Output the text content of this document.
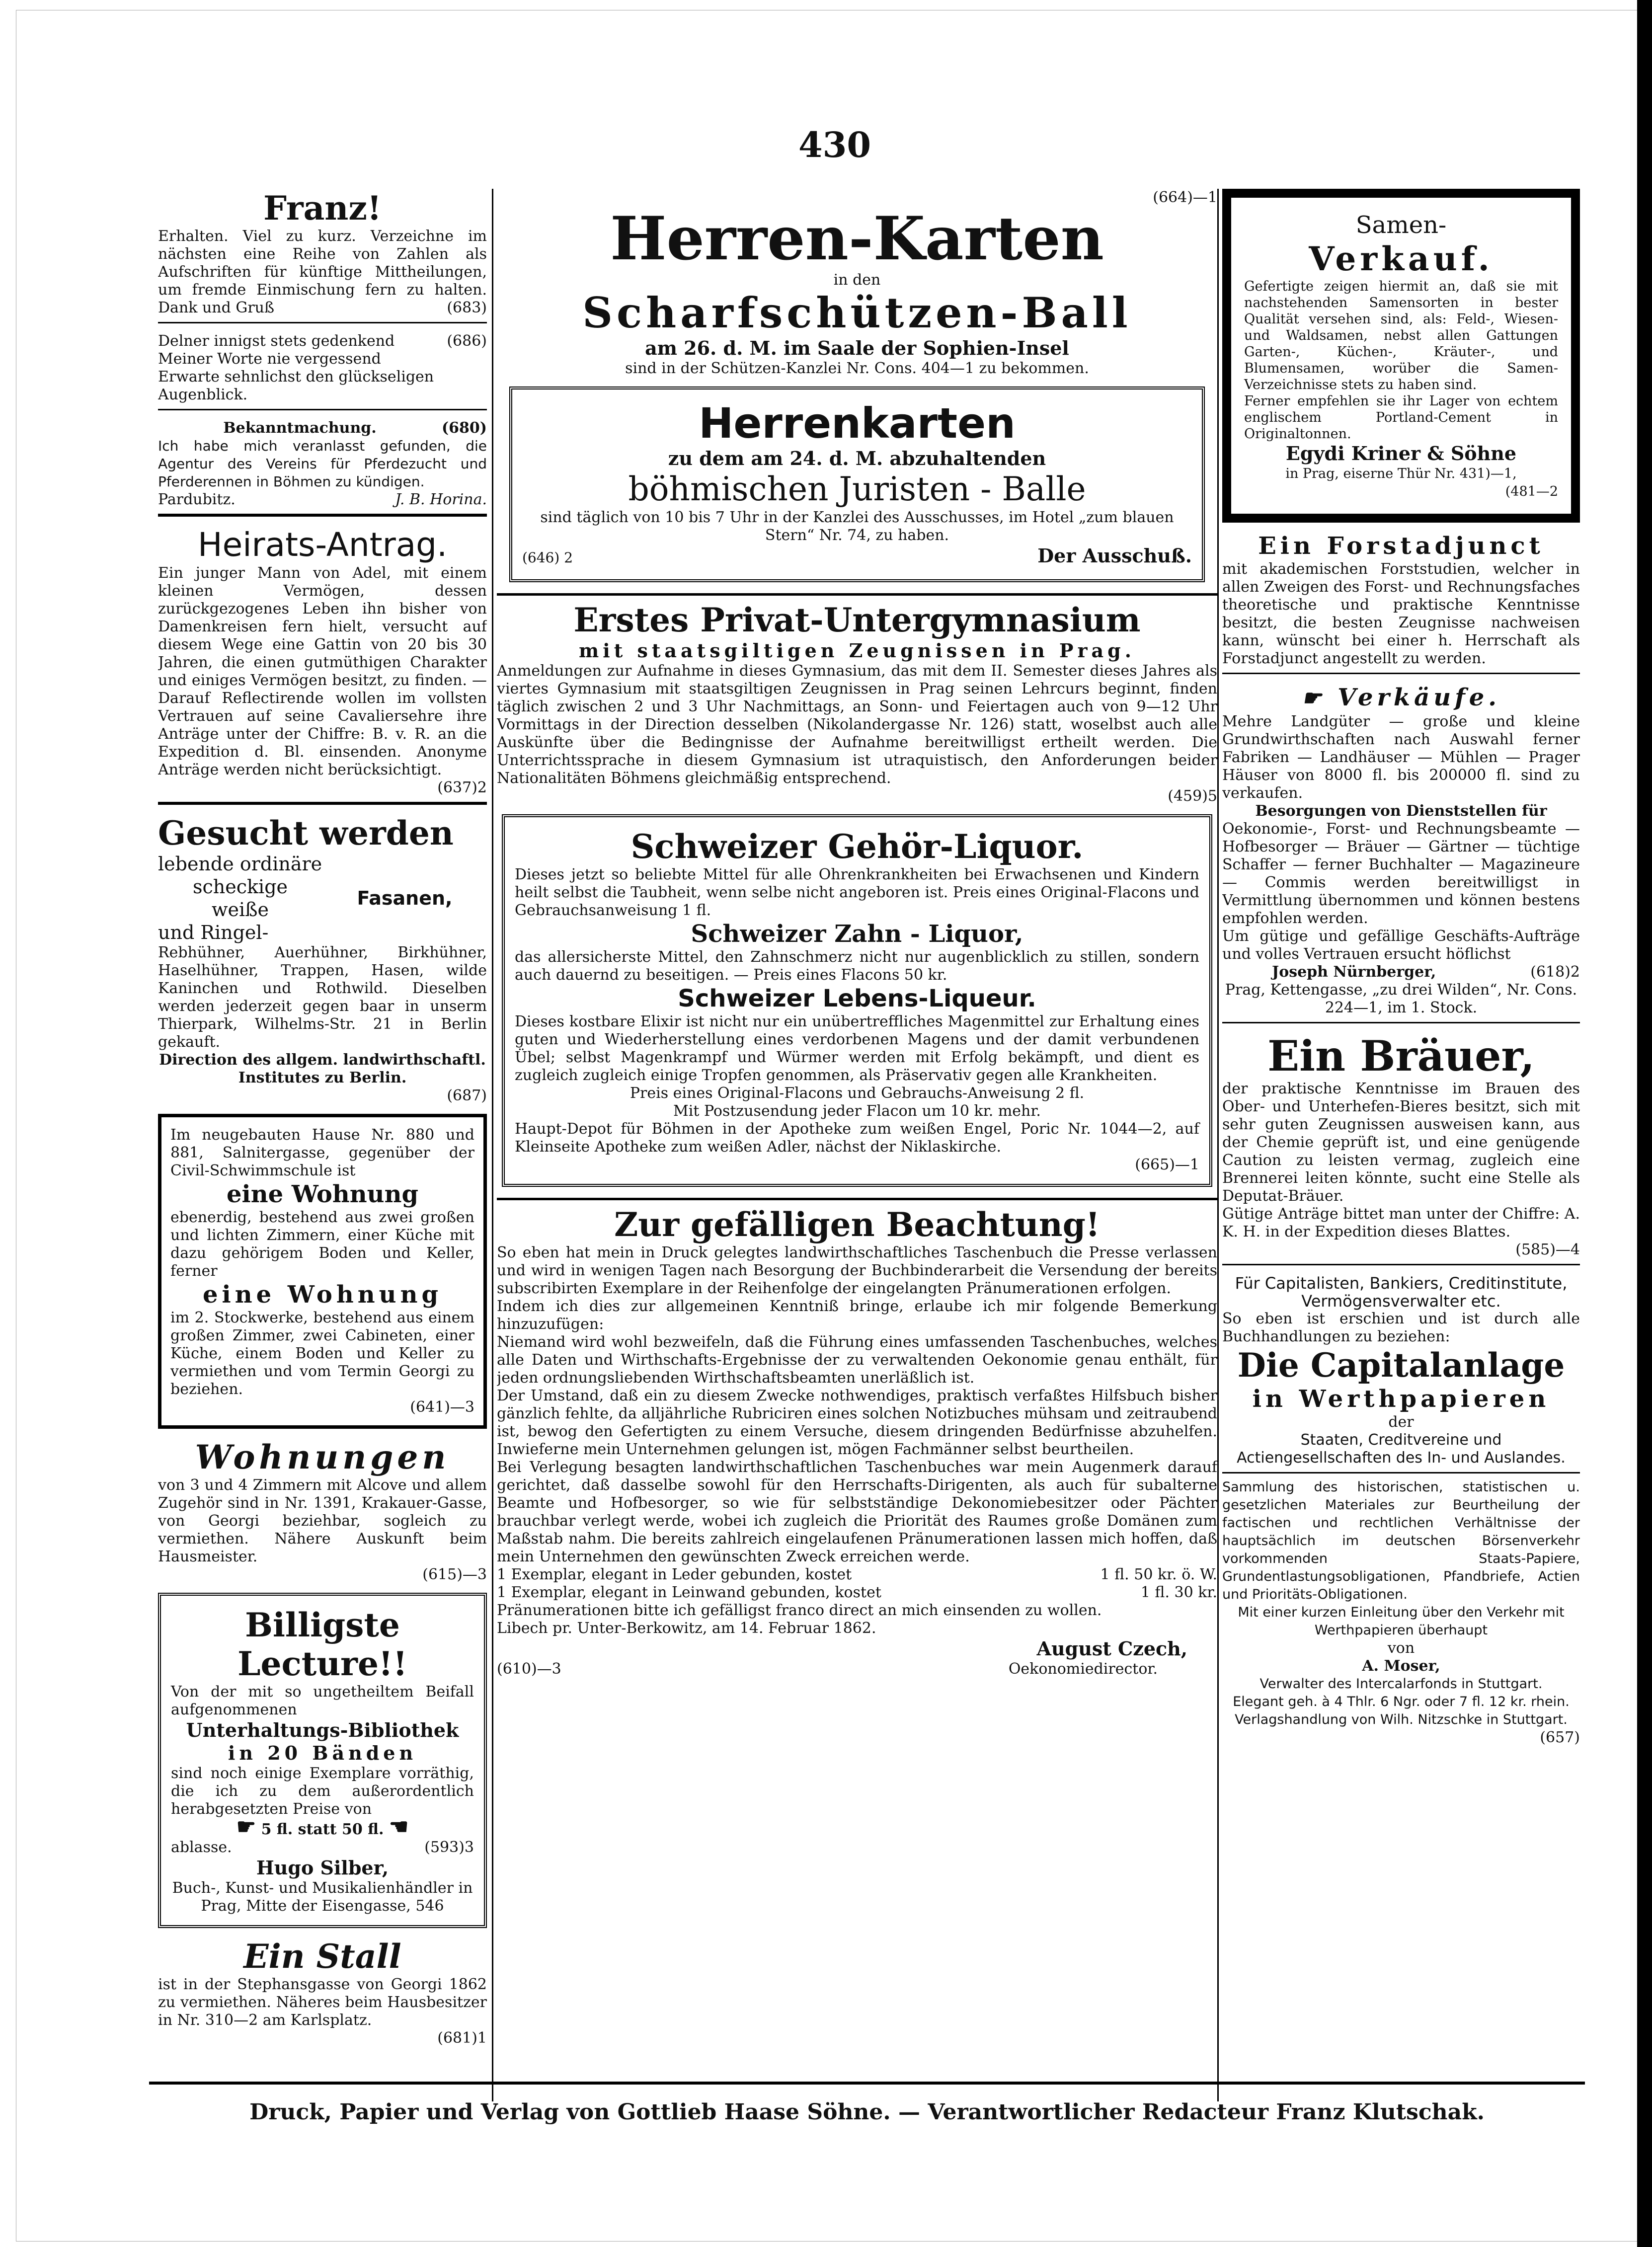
430

Franz!

Erhalten. Viel zu kurz. Verzeichne im nächsten eine Reihe von Zahlen als Aufschriften für künftige Mittheilungen, um fremde Einmischung fern zu halten. Dank und Gruß	(683)

Delner innigst stets gedenkend	(686)

Meiner Worte nie vergessend

Erwarte sehnlichst den glückseligen Augenblick.

Bekanntmachung.	(680)

Ich habe mich veranlasst gefunden, die Agentur des Vereins für Pferdezucht und Pferderennen in Böhmen zu kündigen.

Pardubitz.	J. B. Horina.

Heirats-Antrag.

Ein junger Mann von Adel, mit einem kleinen Vermögen, dessen zurückgezogenes Leben ihn bisher von Damenkreisen fern hielt, versucht auf diesem Wege eine Gattin von 20 bis 30 Jahren, die einen gutmüthigen Charakter und einiges Vermögen besitzt, zu finden. — Darauf Reflectirende wollen im vollsten Vertrauen auf seine Cavaliersehre ihre Anträge unter der Chiffre: B. v. R. an die Expedition d. Bl. einsenden. Anonyme Anträge werden nicht berücksichtigt.

(637)2

Gesucht werden

lebende ordinäre

scheckige

weiße

und Ringel-

Fasanen,

Rebhühner, Auerhühner, Birkhühner, Haselhühner, Trappen, Hasen, wilde Kaninchen und Rothwild. Dieselben werden jederzeit gegen baar in unserm Thierpark, Wilhelms-Str. 21 in Berlin gekauft.

Direction des allgem. landwirthschaftl. Institutes zu Berlin.

(687)

Im neugebauten Hause Nr. 880 und 881, Salnitergasse, gegenüber der Civil-Schwimmschule ist

eine Wohnung

ebenerdig, bestehend aus zwei großen und lichten Zimmern, einer Küche mit dazu gehörigem Boden und Keller, ferner

eine Wohnung

im 2. Stockwerke, bestehend aus einem großen Zimmer, zwei Cabineten, einer Küche, einem Boden und Keller zu vermiethen und vom Termin Georgi zu beziehen.

(641)—3

Wohnungen

von 3 und 4 Zimmern mit Alcove und allem Zugehör sind in Nr. 1391, Krakauer-Gasse, von Georgi beziehbar, sogleich zu vermiethen. Nähere Auskunft beim Hausmeister.

(615)—3

Billigste Lecture!!

Von der mit so ungetheiltem Beifall aufgenommenen

Unterhaltungs-Bibliothek

in 20 Bänden

sind noch einige Exemplare vorräthig, die ich zu dem außerordentlich herabgesetzten Preise von

☛ 5 fl. statt 50 fl. ☚

ablasse.	(593)3

Hugo Silber,

Buch-, Kunst- und Musikalienhändler in Prag, Mitte der Eisengasse, 546

Ein Stall

ist in der Stephansgasse von Georgi 1862 zu vermiethen. Näheres beim Hausbesitzer in Nr. 310—2 am Karlsplatz.

(681)1

(664)—1

Herren-Karten

in den

Scharfschützen-Ball

am 26. d. M. im Saale der Sophien-Insel

sind in der Schützen-Kanzlei Nr. Cons. 404—1 zu bekommen.

Herrenkarten

zu dem am 24. d. M. abzuhaltenden

böhmischen Juristen - Balle

sind täglich von 10 bis 7 Uhr in der Kanzlei des Ausschusses, im Hotel „zum blauen Stern“ Nr. 74, zu haben.

(646) 2	Der Ausschuß.

Erstes Privat-Untergymnasium

mit staatsgiltigen Zeugnissen in Prag.

Anmeldungen zur Aufnahme in dieses Gymnasium, das mit dem II. Semester dieses Jahres als viertes Gymnasium mit staatsgiltigen Zeugnissen in Prag seinen Lehrcurs beginnt, finden täglich zwischen 2 und 3 Uhr Nachmittags, an Sonn- und Feiertagen auch von 9—12 Uhr Vormittags in der Direction desselben (Nikolandergasse Nr. 126) statt, woselbst auch alle Auskünfte über die Bedingnisse der Aufnahme bereitwilligst ertheilt werden. Die Unterrichtssprache in diesem Gymnasium ist utraquistisch, den Anforderungen beider Nationalitäten Böhmens gleichmäßig entsprechend.

(459)5

Schweizer Gehör-Liquor.

Dieses jetzt so beliebte Mittel für alle Ohrenkrankheiten bei Erwachsenen und Kindern heilt selbst die Taubheit, wenn selbe nicht angeboren ist. Preis eines Original-Flacons und Gebrauchsanweisung 1 fl.

Schweizer Zahn - Liquor,

das allersicherste Mittel, den Zahnschmerz nicht nur augenblicklich zu stillen, sondern auch dauernd zu beseitigen. — Preis eines Flacons 50 kr.

Schweizer Lebens-Liqueur.

Dieses kostbare Elixir ist nicht nur ein unübertreffliches Magenmittel zur Erhaltung eines guten und Wiederherstellung eines verdorbenen Magens und der damit verbundenen Übel; selbst Magenkrampf und Würmer werden mit Erfolg bekämpft, und dient es zugleich zugleich einige Tropfen genommen, als Präservativ gegen alle Krankheiten.

Preis eines Original-Flacons und Gebrauchs-Anweisung 2 fl.

Mit Postzusendung jeder Flacon um 10 kr. mehr.

Haupt-Depot für Böhmen in der Apotheke zum weißen Engel, Poric Nr. 1044—2, auf Kleinseite Apotheke zum weißen Adler, nächst der Niklaskirche.

(665)—1

Zur gefälligen Beachtung!

So eben hat mein in Druck gelegtes landwirthschaftliches Taschenbuch die Presse verlassen und wird in wenigen Tagen nach Besorgung der Buchbinderarbeit die Versendung der bereits subscribirten Exemplare in der Reihenfolge der eingelangten Pränumerationen erfolgen.

Indem ich dies zur allgemeinen Kenntniß bringe, erlaube ich mir folgende Bemerkung hinzuzufügen:

Niemand wird wohl bezweifeln, daß die Führung eines umfassenden Taschenbuches, welches alle Daten und Wirthschafts-Ergebnisse der zu verwaltenden Oekonomie genau enthält, für jeden ordnungsliebenden Wirthschaftsbeamten unerläßlich ist.

Der Umstand, daß ein zu diesem Zwecke nothwendiges, praktisch verfaßtes Hilfsbuch bisher gänzlich fehlte, da alljährliche Rubriciren eines solchen Notizbuches mühsam und zeitraubend ist, bewog den Gefertigten zu einem Versuche, diesem dringenden Bedürfnisse abzuhelfen. Inwieferne mein Unternehmen gelungen ist, mögen Fachmänner selbst beurtheilen.

Bei Verlegung besagten landwirthschaftlichen Taschenbuches war mein Augenmerk darauf gerichtet, daß dasselbe sowohl für den Herrschafts-Dirigenten, als auch für subalterne Beamte und Hofbesorger, so wie für selbstständige Dekonomiebesitzer oder Pächter brauchbar verlegt werde, wobei ich zugleich die Priorität des Raumes große Domänen zum Maßstab nahm. Die bereits zahlreich eingelaufenen Pränumerationen lassen mich hoffen, daß mein Unternehmen den gewünschten Zweck erreichen werde.

1 Exemplar, elegant in Leder gebunden, kostet	1 fl. 50 kr. ö. W.
1 Exemplar, elegant in Leinwand gebunden, kostet	1 fl. 30 kr.

Pränumerationen bitte ich gefälligst franco direct an mich einsenden zu wollen.

Libech pr. Unter-Berkowitz, am 14. Februar 1862.

August Czech,

(610)—3	Oekonomiedirector.

Samen-

Verkauf.

Gefertigte zeigen hiermit an, daß sie mit nachstehenden Samensorten in bester Qualität versehen sind, als: Feld-, Wiesen- und Waldsamen, nebst allen Gattungen Garten-, Küchen-, Kräuter-, und Blumensamen, worüber die Samen-Verzeichnisse stets zu haben sind.

Ferner empfehlen sie ihr Lager von echtem englischem Portland-Cement in Originaltonnen.

Egydi Kriner & Söhne

in Prag, eiserne Thür Nr. 431)—1,

(481—2

Ein Forstadjunct

mit akademischen Forststudien, welcher in allen Zweigen des Forst- und Rechnungsfaches theoretische und praktische Kenntnisse besitzt, die besten Zeugnisse nachweisen kann, wünscht bei einer h. Herrschaft als Forstadjunct angestellt zu werden.

☛ Verkäufe.

Mehre Landgüter — große und kleine Grundwirthschaften nach Auswahl ferner Fabriken — Landhäuser — Mühlen — Prager Häuser von 8000 fl. bis 200000 fl. sind zu verkaufen.

Besorgungen von Dienststellen für

Oekonomie-, Forst- und Rechnungsbeamte — Hofbesorger — Bräuer — Gärtner — tüchtige Schaffer — ferner Buchhalter — Magazineure — Commis werden bereitwilligst in Vermittlung übernommen und können bestens empfohlen werden.

Um gütige und gefällige Geschäfts-Aufträge und volles Vertrauen ersucht höflichst

Joseph Nürnberger,	(618)2

Prag, Kettengasse, „zu drei Wilden“, Nr. Cons. 224—1, im 1. Stock.

Ein Bräuer,

der praktische Kenntnisse im Brauen des Ober- und Unterhefen-Bieres besitzt, sich mit sehr guten Zeugnissen ausweisen kann, aus der Chemie geprüft ist, und eine genügende Caution zu leisten vermag, zugleich eine Brennerei leiten könnte, sucht eine Stelle als Deputat-Bräuer.

Gütige Anträge bittet man unter der Chiffre: A. K. H. in der Expedition dieses Blattes.

(585)—4

Für Capitalisten, Bankiers, Creditinstitute, Vermögensverwalter etc.

So eben ist erschien und ist durch alle Buchhandlungen zu beziehen:

Die Capitalanlage

in Werthpapieren

der

Staaten, Creditvereine und Actiengesellschaften des In- und Auslandes.

Sammlung des historischen, statistischen u. gesetzlichen Materiales zur Beurtheilung der factischen und rechtlichen Verhältnisse der hauptsächlich im deutschen Börsenverkehr vorkommenden Staats-Papiere, Grundentlastungsobligationen, Pfandbriefe, Actien und Prioritäts-Obligationen.

Mit einer kurzen Einleitung über den Verkehr mit Werthpapieren überhaupt

von

A. Moser,

Verwalter des Intercalarfonds in Stuttgart.

Elegant geh. à 4 Thlr. 6 Ngr. oder 7 fl. 12 kr. rhein.

Verlagshandlung von Wilh. Nitzschke in Stuttgart.

(657)

Druck, Papier und Verlag von Gottlieb Haase Söhne. — Verantwortlicher Redacteur Franz Klutschak.
